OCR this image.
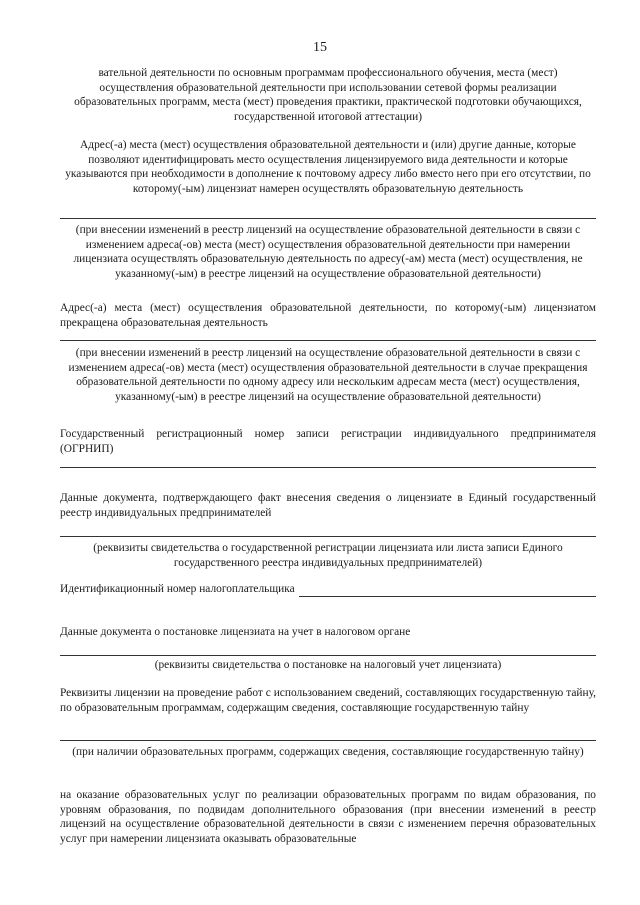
15
вательной деятельности по основным программам профессионального обучения, места (мест) осуществления образовательной деятельности при использовании сетевой формы реализации образовательных программ, места (мест) проведения практики, практической подготовки обучающихся, государственной итоговой аттестации)
Адрес(-а) места (мест) осуществления образовательной деятельности и (или) другие данные, которые позволяют идентифицировать место осуществления лицензируемого вида деятельности и которые указываются при необходимости в дополнение к почтовому адресу либо вместо него при его отсутствии, по которому(-ым) лицензиат намерен осуществлять образовательную деятельность
(при внесении изменений в реестр лицензий на осуществление образовательной деятельности в связи с изменением адреса(-ов) места (мест) осуществления образовательной деятельности при намерении лицензиата осуществлять образовательную деятельность по адресу(-ам) места (мест) осуществления, не указанному(-ым) в реестре лицензий на осуществление образовательной деятельности)
Адрес(-а) места (мест) осуществления образовательной деятельности, по которому(-ым) лицензиатом прекращена образовательная деятельность
(при внесении изменений в реестр лицензий на осуществление образовательной деятельности в связи с изменением адреса(-ов) места (мест) осуществления образовательной деятельности в случае прекращения образовательной деятельности по одному адресу или нескольким адресам места (мест) осуществления, указанному(-ым) в реестре лицензий на осуществление образовательной деятельности)
Государственный регистрационный номер записи регистрации индивидуального предпринимателя (ОГРНИП)
Данные документа, подтверждающего факт внесения сведения о лицензиате в Единый государственный реестр индивидуальных предпринимателей
(реквизиты свидетельства о государственной регистрации лицензиата или листа записи Единого государственного реестра индивидуальных предпринимателей)
Идентификационный номер налогоплательщика
Данные документа о постановке лицензиата на учет в налоговом органе
(реквизиты свидетельства о постановке на налоговый учет лицензиата)
Реквизиты лицензии на проведение работ с использованием сведений, составляющих государственную тайну, по образовательным программам, содержащим сведения, составляющие государственную тайну
(при наличии образовательных программ, содержащих сведения, составляющие государственную тайну)
на оказание образовательных услуг по реализации образовательных программ по видам образования, по уровням образования, по подвидам дополнительного образования (при внесении изменений в реестр лицензий на осуществление образовательной деятельности в связи с изменением перечня образовательных услуг при намерении лицензиата оказывать образовательные
